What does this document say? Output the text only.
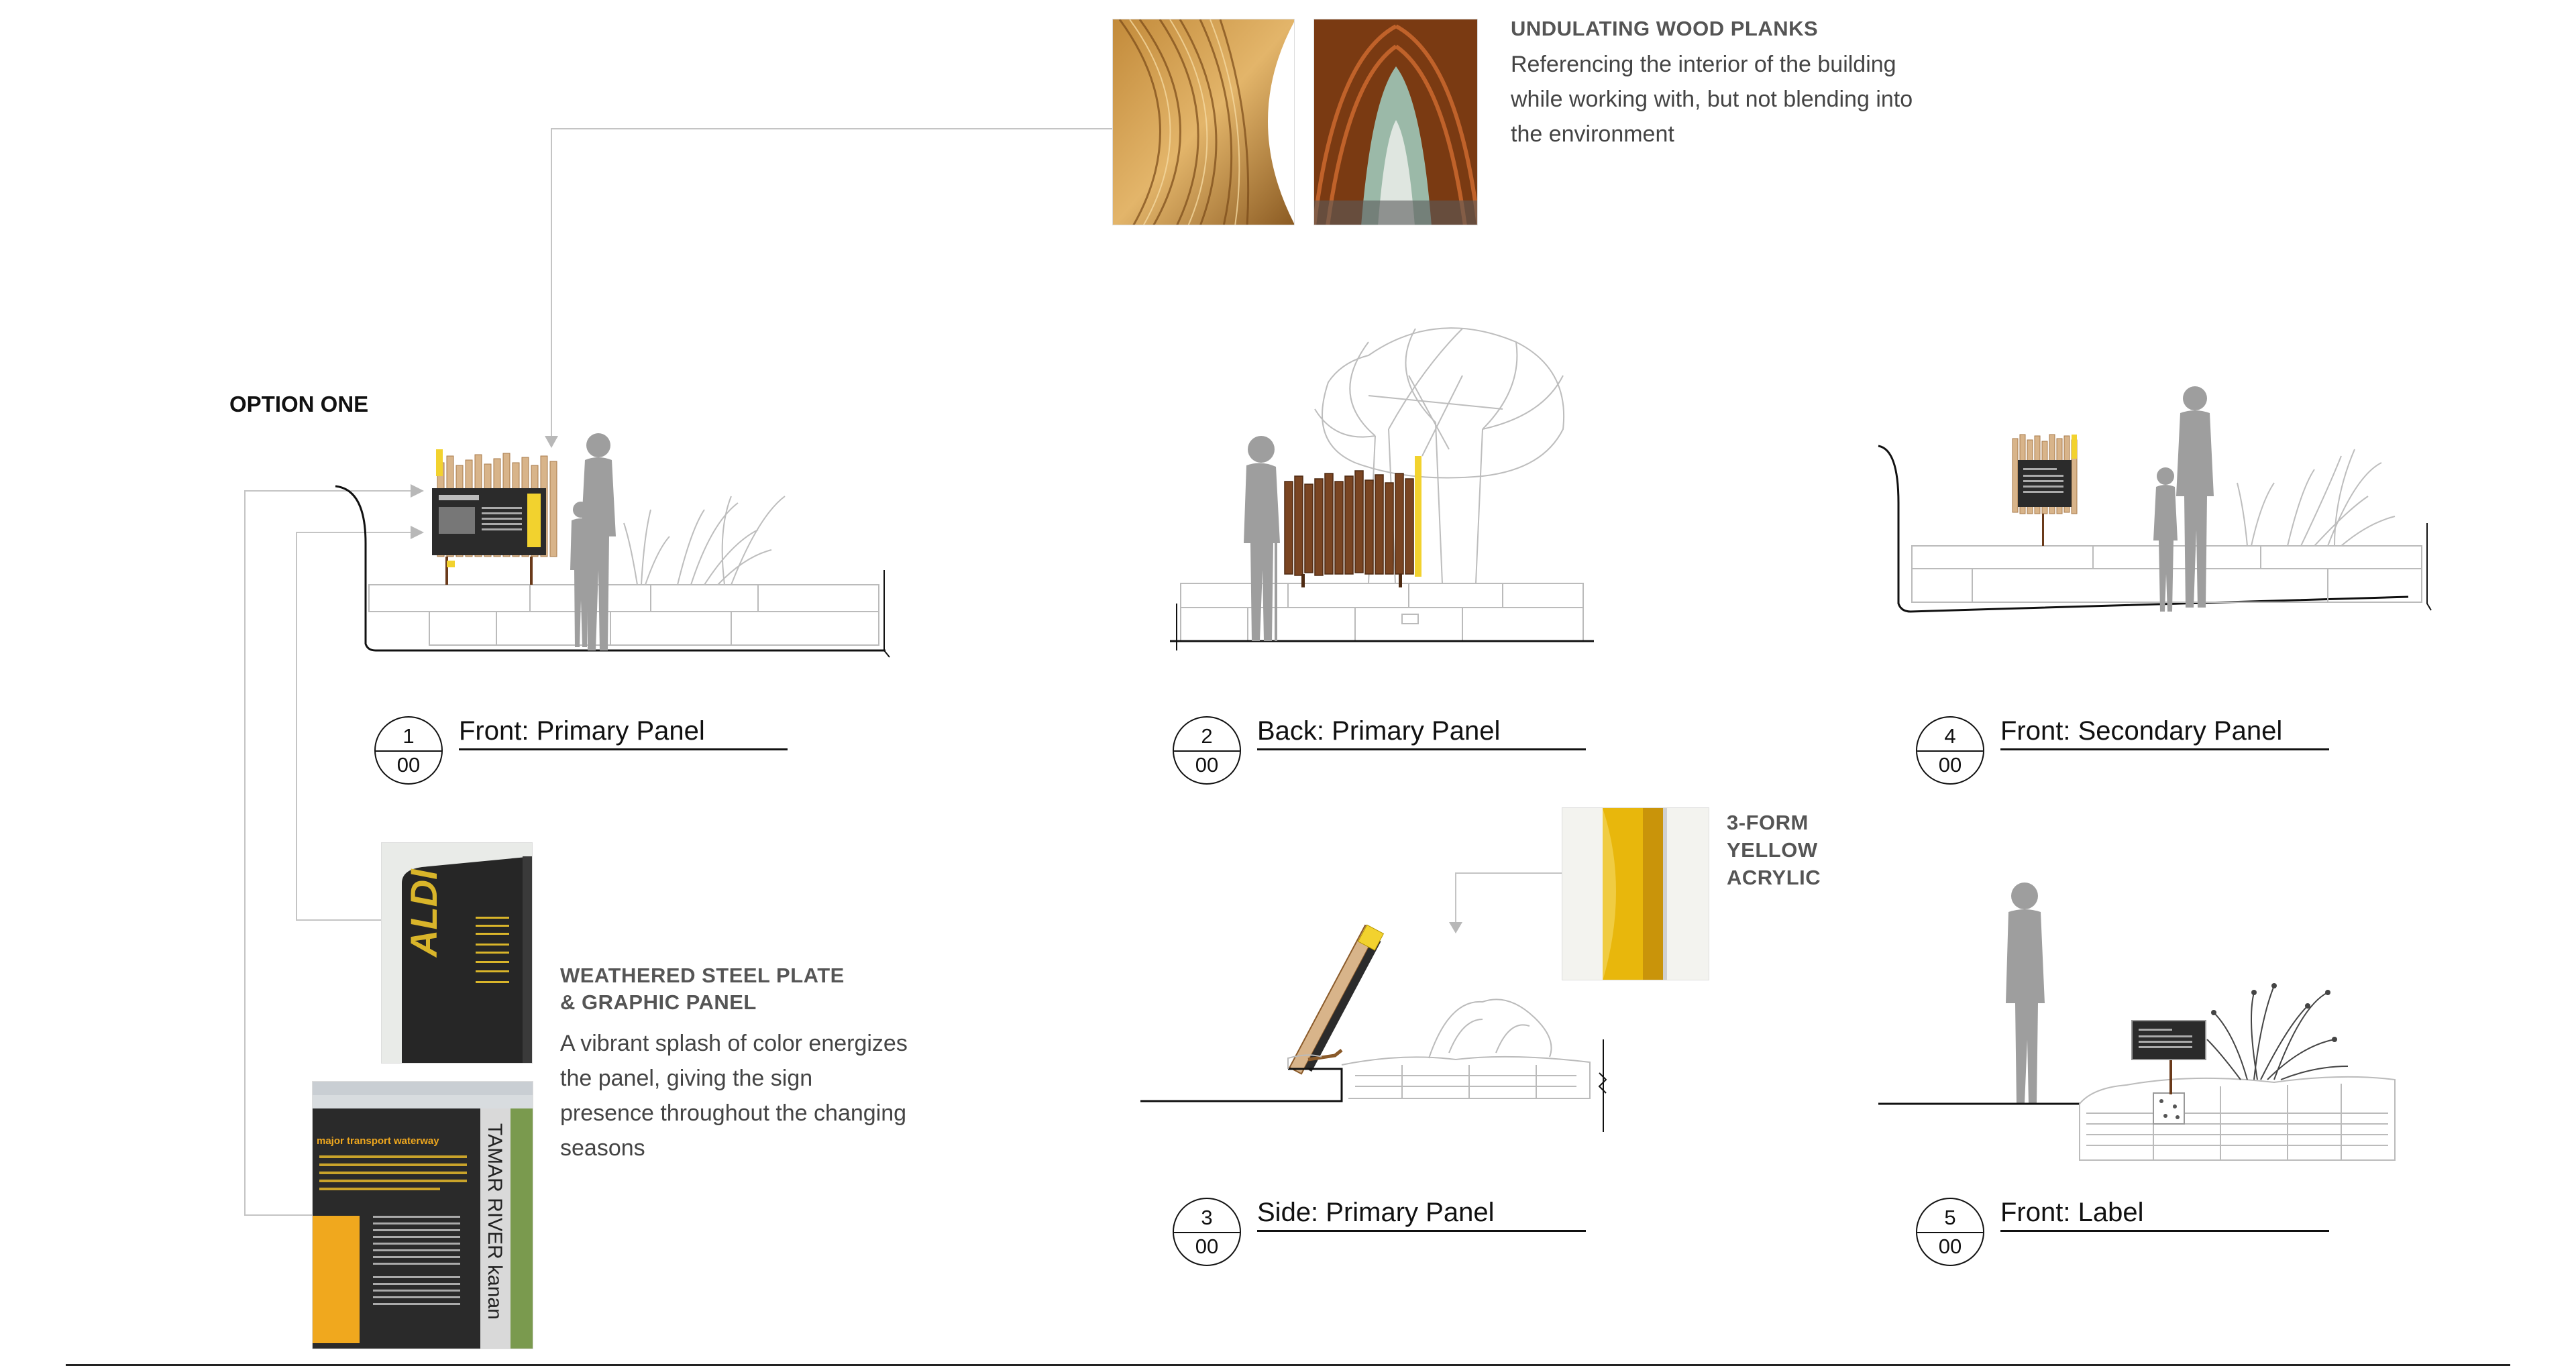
UNDULATING WOOD PLANKS
Referencing the interior of the building while working with, but not blending into the environment
OPTION ONE
1
00
Front: Primary Panel	2
00
Back: Primary Panel	4
00
Front: Secondary Panel
ALDI
major transport waterway TAMAR RIVER kanan
WEATHERED STEEL PLATE
& GRAPHIC PANEL
A vibrant splash of color energizes the panel, giving the sign presence throughout the changing seasons
3-FORM
YELLOW
ACRYLIC
3
00
Side: Primary Panel	5
00
Front: Label
